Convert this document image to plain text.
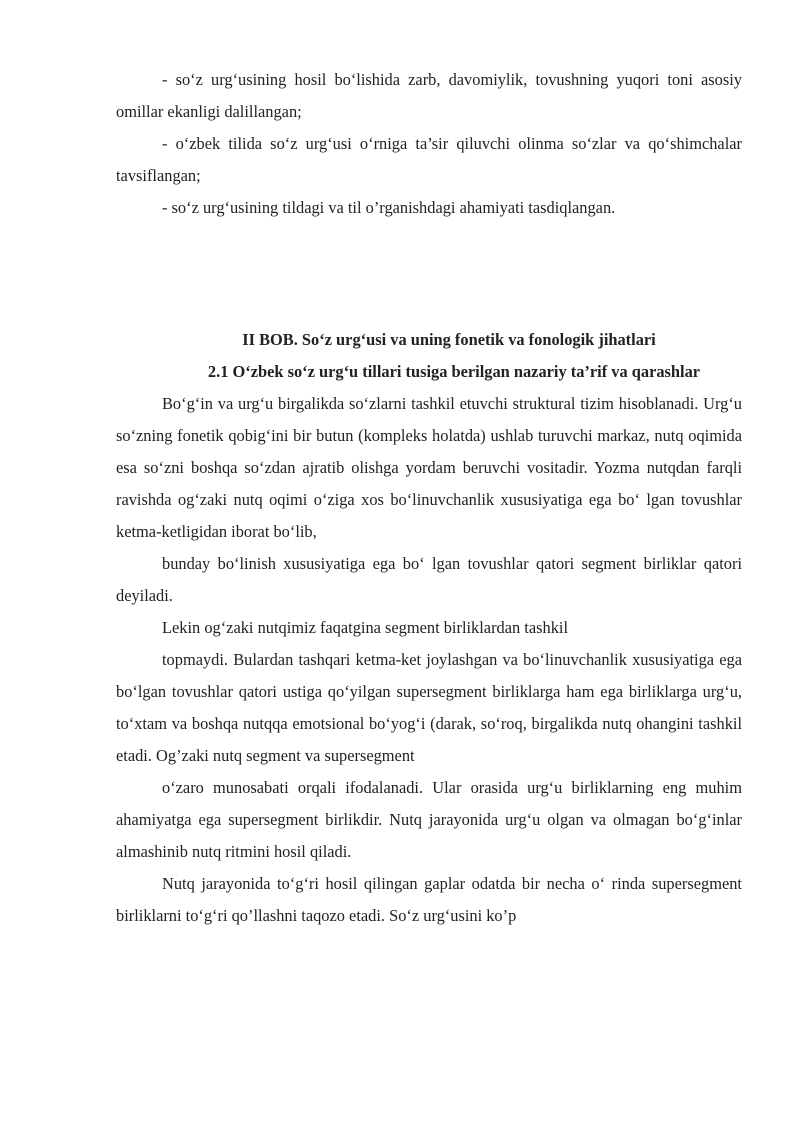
- so‘z urg‘usining hosil bo‘lishida zarb, davomiylik, tovushning yuqori toni asosiy omillar ekanligi dalillangan;

- o‘zbek tilida so‘z urg‘usi o‘rniga ta’sir qiluvchi olinma so‘zlar va qo‘shimchalar tavsiflangan;

- so‘z urg‘usining tildagi va til o’rganishdagi ahamiyati tasdiqlangan.

II BOB. So‘z urg‘usi va uning fonetik va fonologik jihatlari
2.1 O‘zbek so‘z urg‘u tillari tusiga berilgan nazariy ta’rif va qarashlar

Bo‘g‘in va urg‘u birgalikda so‘zlarni tashkil etuvchi struktural tizim hisoblanadi. Urg‘u so‘zning fonetik qobig‘ini bir butun (kompleks holatda) ushlab turuvchi markaz, nutq oqimida esa so‘zni boshqa so‘zdan ajratib olishga yordam beruvchi vositadir. Yozma nutqdan farqli ravishda og‘zaki nutq oqimi o‘ziga xos bo‘linuvchanlik xususiyatiga ega bo‘ lgan tovushlar ketma-ketligidan iborat bo‘lib,

bunday bo‘linish xususiyatiga ega bo‘ lgan tovushlar qatori segment birliklar qatori deyiladi.

Lekin og‘zaki nutqimiz faqatgina segment birliklardan tashkil

topmaydi. Bulardan tashqari ketma-ket joylashgan va bo‘linuvchanlik xususiyatiga ega bo‘lgan tovushlar qatori ustiga qo‘yilgan supersegment birliklarga ham ega birliklarga urg‘u, to‘xtam va boshqa nutqqa emotsional bo‘yog‘i (darak, so‘roq, birgalikda nutq ohangini tashkil etadi. Og’zaki nutq segment va supersegment

o‘zaro munosabati orqali ifodalanadi. Ular orasida urg‘u birliklarning eng muhim ahamiyatga ega supersegment birlikdir. Nutq jarayonida urg‘u olgan va olmagan bo‘g‘inlar almashinib nutq ritmini hosil qiladi.

Nutq jarayonida to‘g‘ri hosil qilingan gaplar odatda bir necha o‘ rinda supersegment birliklarni to‘g‘ri qo’llashni taqozo etadi. So‘z urg‘usini ko’p
